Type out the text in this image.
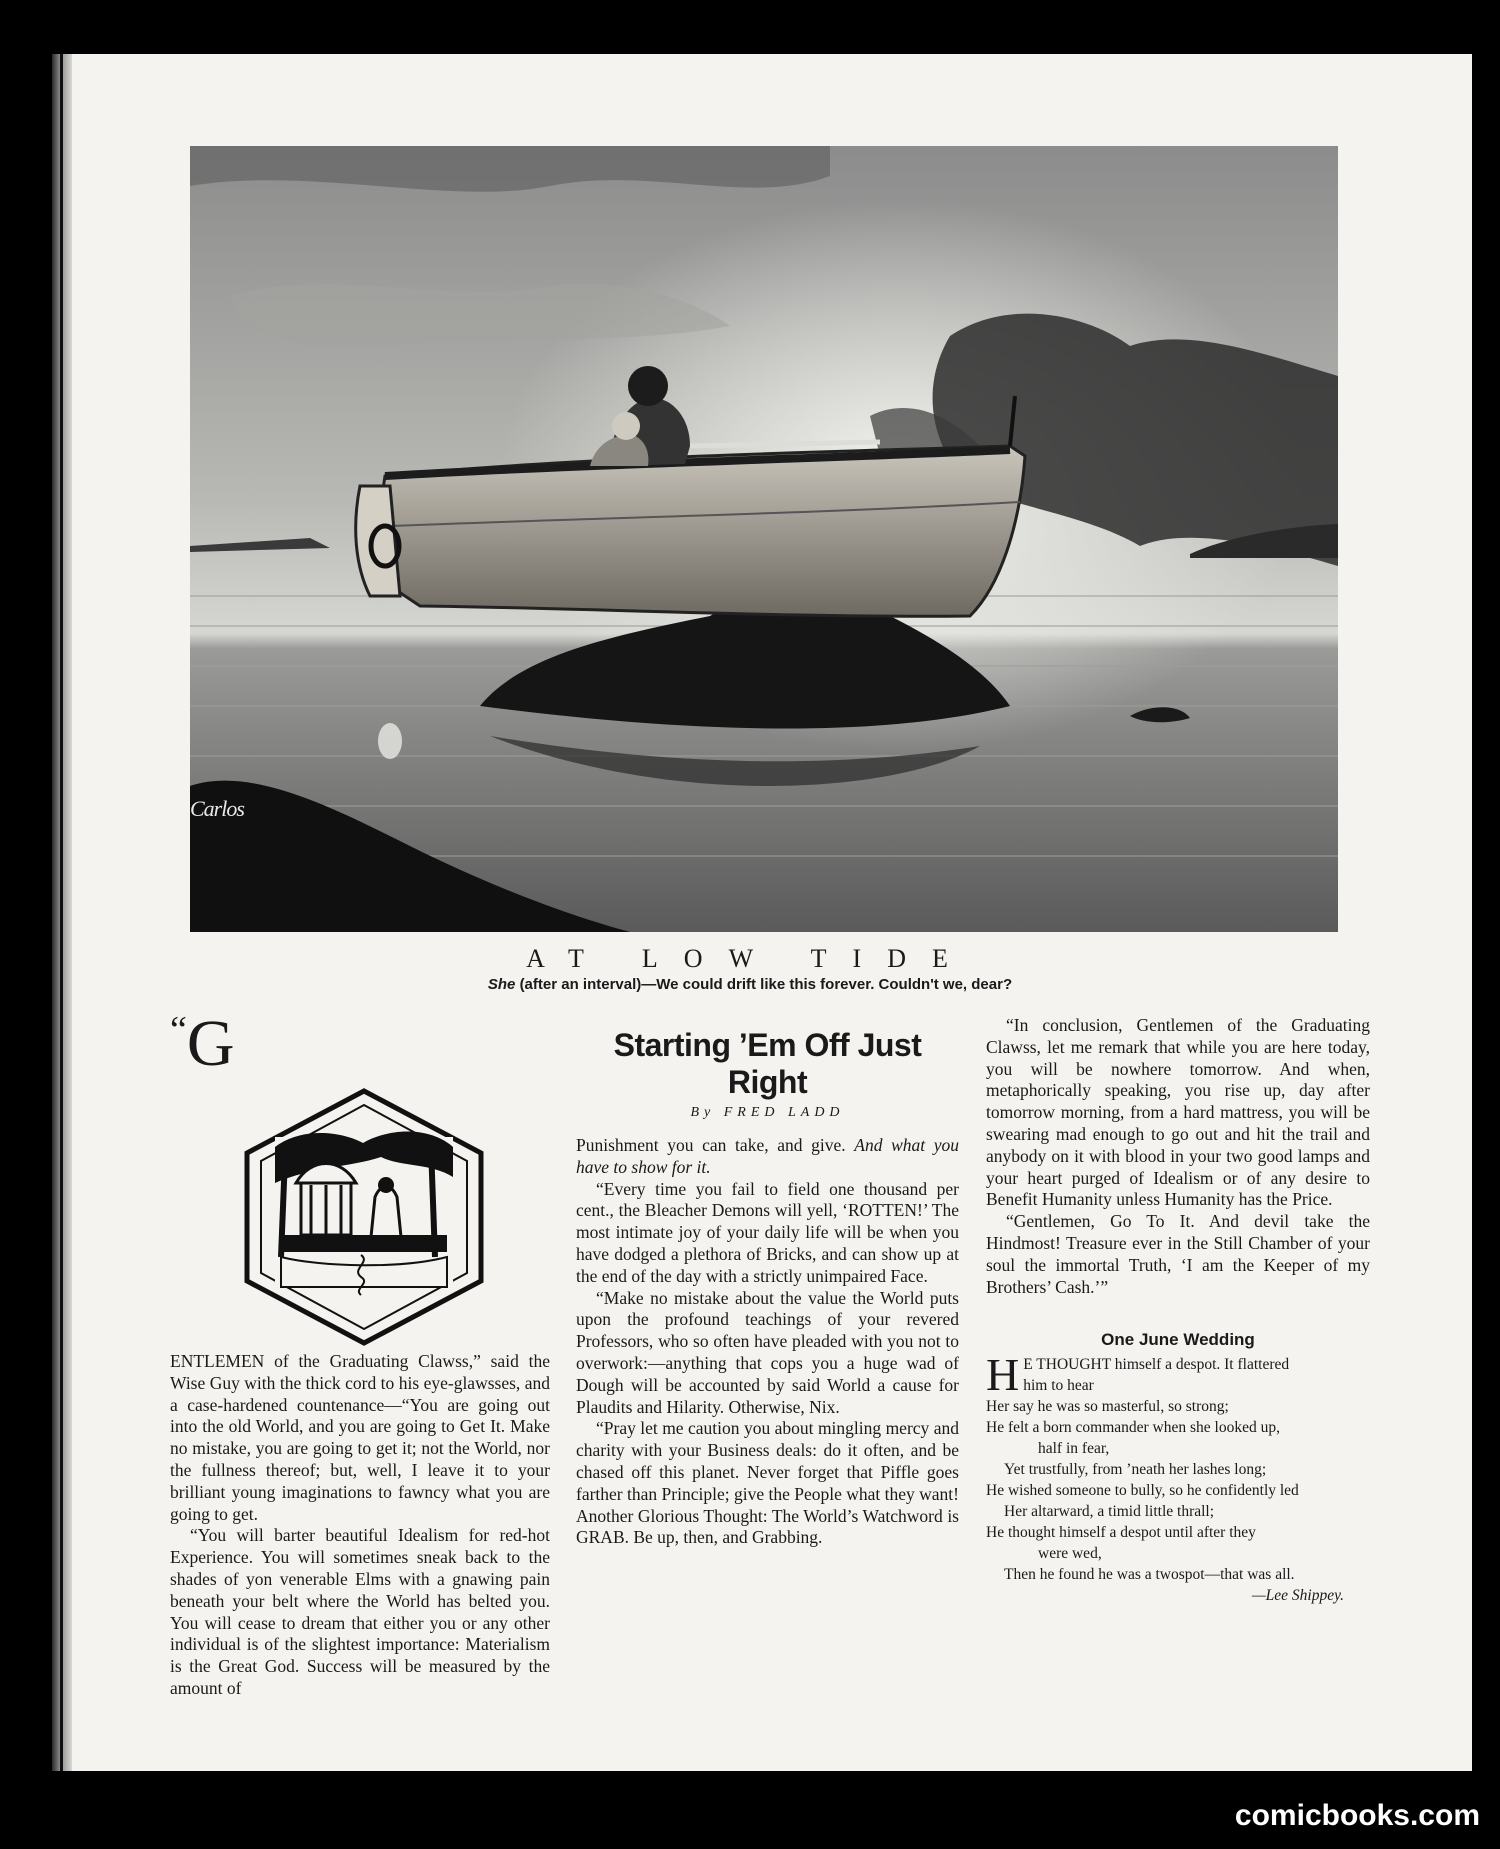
Carlos
AT LOW TIDE
She (after an interval)—We could drift like this forever. Couldn't we, dear?
“ G
ENTLEMEN of the Graduating Clawss,” said the Wise Guy with the thick cord to his eye-glawsses, and a case-hardened countenance—“You are going out into the old World, and you are going to Get It. Make no mistake, you are going to get it; not the World, nor the fullness thereof; but, well, I leave it to your brilliant young imaginations to fawncy what you are going to get.

“You will barter beautiful Idealism for red-hot Experience. You will sometimes sneak back to the shades of yon venerable Elms with a gnawing pain beneath your belt where the World has belted you. You will cease to dream that either you or any other individual is of the slightest importance: Materialism is the Great God. Success will be measured by the amount of

Starting ’Em Off Just Right
By FRED LADD

Punishment you can take, and give. And what you have to show for it.

“Every time you fail to field one thousand per cent., the Bleacher Demons will yell, ‘ROTTEN!’ The most intimate joy of your daily life will be when you have dodged a plethora of Bricks, and can show up at the end of the day with a strictly unimpaired Face.

“Make no mistake about the value the World puts upon the profound teachings of your revered Professors, who so often have pleaded with you not to overwork:—anything that cops you a huge wad of Dough will be accounted by said World a cause for Plaudits and Hilarity. Otherwise, Nix.

“Pray let me caution you about mingling mercy and charity with your Business deals: do it often, and be chased off this planet. Never forget that Piffle goes farther than Principle; give the People what they want! Another Glorious Thought: The World’s Watchword is GRAB. Be up, then, and Grabbing.

“In conclusion, Gentlemen of the Graduating Clawss, let me remark that while you are here today, you will be nowhere tomorrow. And when, metaphorically speaking, you rise up, day after tomorrow morning, from a hard mattress, you will be swearing mad enough to go out and hit the trail and anybody on it with blood in your two good lamps and your heart purged of Idealism or of any desire to Benefit Humanity unless Humanity has the Price.

“Gentlemen, Go To It. And devil take the Hindmost! Treasure ever in the Still Chamber of your soul the immortal Truth, ‘I am the Keeper of my Brothers’ Cash.’”

One June Wedding
H E THOUGHT himself a despot. It flattered
him to hear
Her say he was so masterful, so strong;
He felt a born commander when she looked up,
half in fear,
Yet trustfully, from ’neath her lashes long;
He wished someone to bully, so he confidently led
Her altarward, a timid little thrall;
He thought himself a despot until after they
were wed,
Then he found he was a twospot—that was all.
—Lee Shippey.
comicbooks.com
